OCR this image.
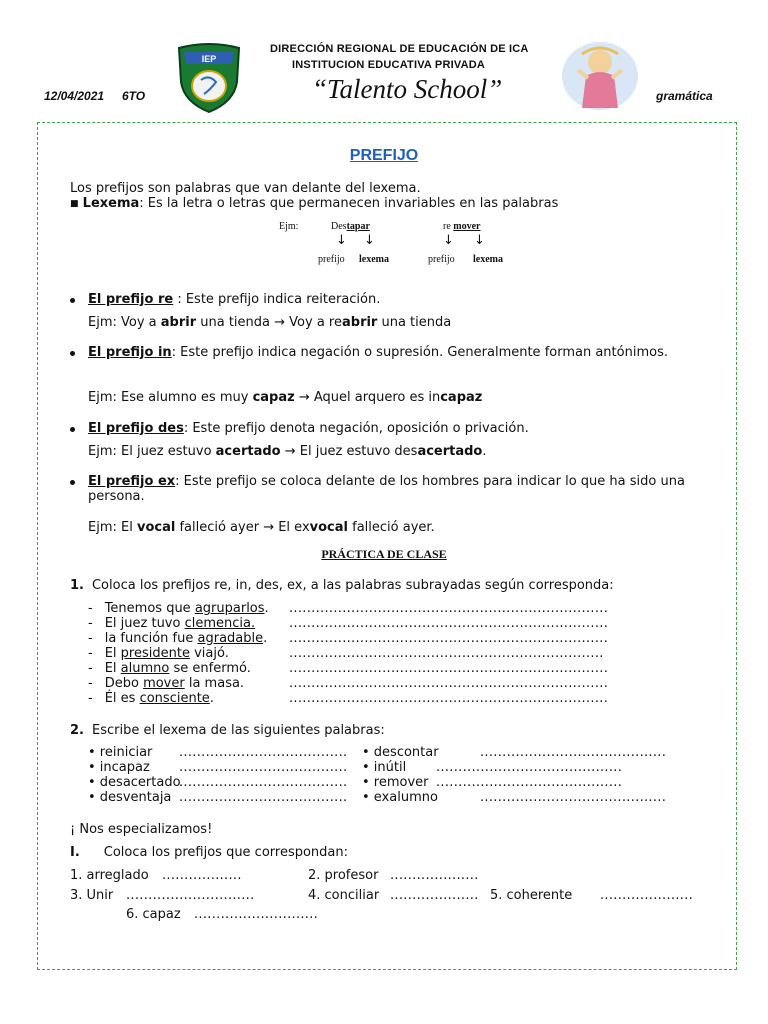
12/04/2021 6TO
IEP
DIRECCIÓN REGIONAL DE EDUCACIÓN DE ICA
INSTITUCION EDUCATIVA PRIVADA
“Talento School”	gramática
PREFIJO
Los prefijos son palabras que van delante del lexema.
■ Lexema: Es la letra o letras que permanecen invariables en las palabras
Ejm:	Destapar	re mover
↓ ↓	↓ ↓
prefijo lexema	prefijo lexema
El prefijo re : Este prefijo indica reiteración.
Ejm: Voy a abrir una tienda → Voy a reabrir una tienda
El prefijo in: Este prefijo indica negación o supresión. Generalmente forman antónimos.
Ejm: Ese alumno es muy capaz → Aquel arquero es incapaz
El prefijo des: Este prefijo denota negación, oposición o privación.
Ejm: El juez estuvo acertado → El juez estuvo desacertado.
El prefijo ex: Este prefijo se coloca delante de los hombres para indicar lo que ha sido una
persona.
Ejm: El vocal falleció ayer → El exvocal falleció ayer.
PRÁCTICA DE CLASE
1. Coloca los prefijos re, in, des, ex, a las palabras subrayadas según corresponda:
- Tenemos que agruparlos. ........................................................................
- El juez tuvo clemencia.	........................................................................
- la función fue agradable. ........................................................................
- El presidente viajó.	.......................................................................
- El alumno se enfermó.	........................................................................
- Debo mover la masa.	........................................................................
- Él es consciente.	........................................................................
2. Escribe el lexema de las siguientes palabras:
• reiniciar ......................................
• incapaz ......................................
• desacertado
......................................
• desventaja ......................................
• descontar	..........................................
• inútil ..........................................
• remover ..........................................
• exalumno	..........................................
¡ Nos especializamos!
I. Coloca los prefijos que correspondan:
1. arreglado ..................	2. profesor ....................
3. Unir .............................	4. conciliar .................... 5. coherente .....................
6. capaz ............................
